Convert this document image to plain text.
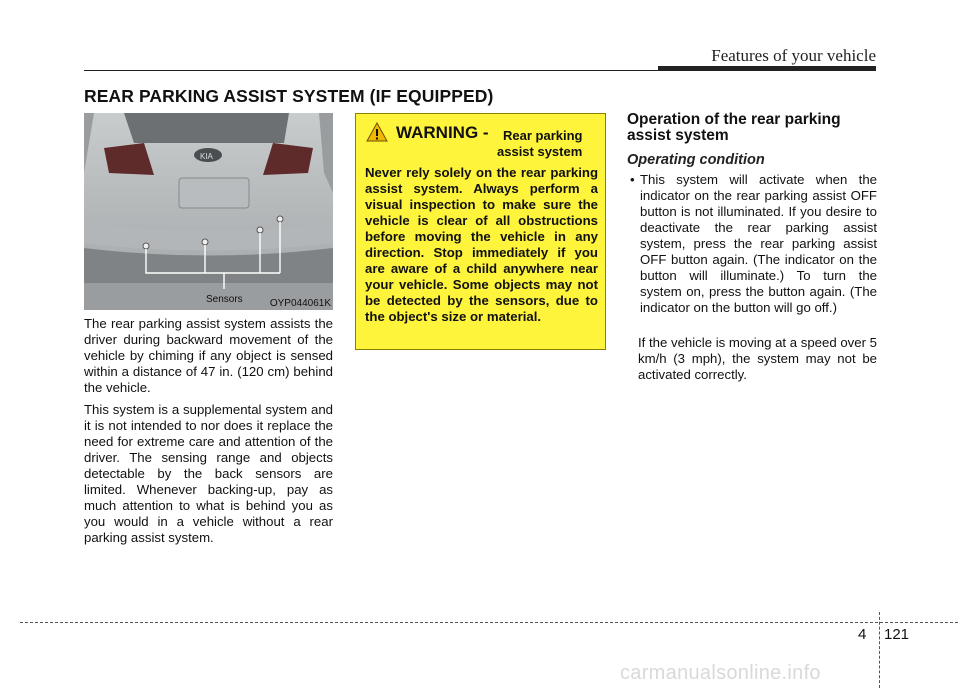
Features of your vehicle
REAR PARKING ASSIST SYSTEM (IF EQUIPPED)
KIA
Sensors	OYP044061K

The rear parking assist system assists the driver during backward movement of the vehicle by chiming if any object is sensed within a distance of 47 in. (120 cm) behind the vehicle.

This system is a supplemental system and it is not intended to nor does it replace the need for extreme care and attention of the driver. The sensing range and objects detectable by the back sensors are limited. Whenever backing-up, pay as much attention to what is behind you as you would in a vehicle without a rear parking assist system.

WARNING - Rear parking
assist system

Never rely solely on the rear parking assist system. Always perform a visual inspection to make sure the vehicle is clear of all obstructions before moving the vehicle in any direction. Stop immediately if you are aware of a child anywhere near your vehicle. Some objects may not be detected by the sensors, due to the object's size or material.

Operation of the rear parking assist system
Operating condition
• This system will activate when the indicator on the rear parking assist OFF button is not illuminated. If you desire to deactivate the rear parking assist system, press the rear parking assist OFF button again. (The indicator on the button will illuminate.) To turn the system on, press the button again. (The indicator on the button will go off.)

If the vehicle is moving at a speed over 5 km/h (3 mph), the system may not be activated correctly.

4 121
carmanualsonline.info
